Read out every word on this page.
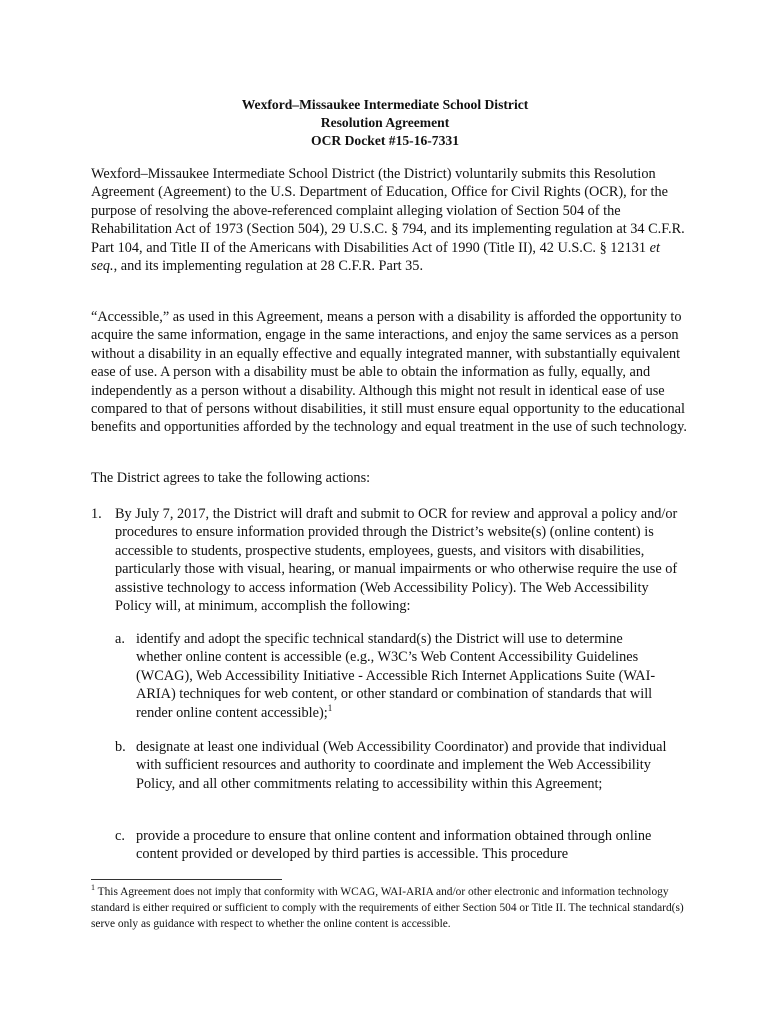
Wexford–Missaukee Intermediate School District
Resolution Agreement
OCR Docket #15-16-7331

Wexford–Missaukee Intermediate School District (the District) voluntarily submits this Resolution Agreement (Agreement) to the U.S. Department of Education, Office for Civil Rights (OCR), for the purpose of resolving the above-referenced complaint alleging violation of Section 504 of the Rehabilitation Act of 1973 (Section 504), 29 U.S.C. § 794, and its implementing regulation at 34 C.F.R. Part 104, and Title II of the Americans with Disabilities Act of 1990 (Title II), 42 U.S.C. § 12131 et seq., and its implementing regulation at 28 C.F.R. Part 35.

“Accessible,” as used in this Agreement, means a person with a disability is afforded the opportunity to acquire the same information, engage in the same interactions, and enjoy the same services as a person without a disability in an equally effective and equally integrated manner, with substantially equivalent ease of use. A person with a disability must be able to obtain the information as fully, equally, and independently as a person without a disability. Although this might not result in identical ease of use compared to that of persons without disabilities, it still must ensure equal opportunity to the educational benefits and opportunities afforded by the technology and equal treatment in the use of such technology.

The District agrees to take the following actions:

1. By July 7, 2017, the District will draft and submit to OCR for review and approval a policy and/or procedures to ensure information provided through the District’s website(s) (online content) is accessible to students, prospective students, employees, guests, and visitors with disabilities, particularly those with visual, hearing, or manual impairments or who otherwise require the use of assistive technology to access information (Web Accessibility Policy). The Web Accessibility Policy will, at minimum, accomplish the following:
a. identify and adopt the specific technical standard(s) the District will use to determine whether online content is accessible (e.g., W3C’s Web Content Accessibility Guidelines (WCAG), Web Accessibility Initiative - Accessible Rich Internet Applications Suite (WAI-ARIA) techniques for web content, or other standard or combination of standards that will render online content accessible);$^1$
b. designate at least one individual (Web Accessibility Coordinator) and provide that individual with sufficient resources and authority to coordinate and implement the Web Accessibility Policy, and all other commitments relating to accessibility within this Agreement;
c. provide a procedure to ensure that online content and information obtained through online content provided or developed by third parties is accessible. This procedure
$^1$ This Agreement does not imply that conformity with WCAG, WAI-ARIA and/or other electronic and information technology standard is either required or sufficient to comply with the requirements of either Section 504 or Title II. The technical standard(s) serve only as guidance with respect to whether the online content is accessible.
